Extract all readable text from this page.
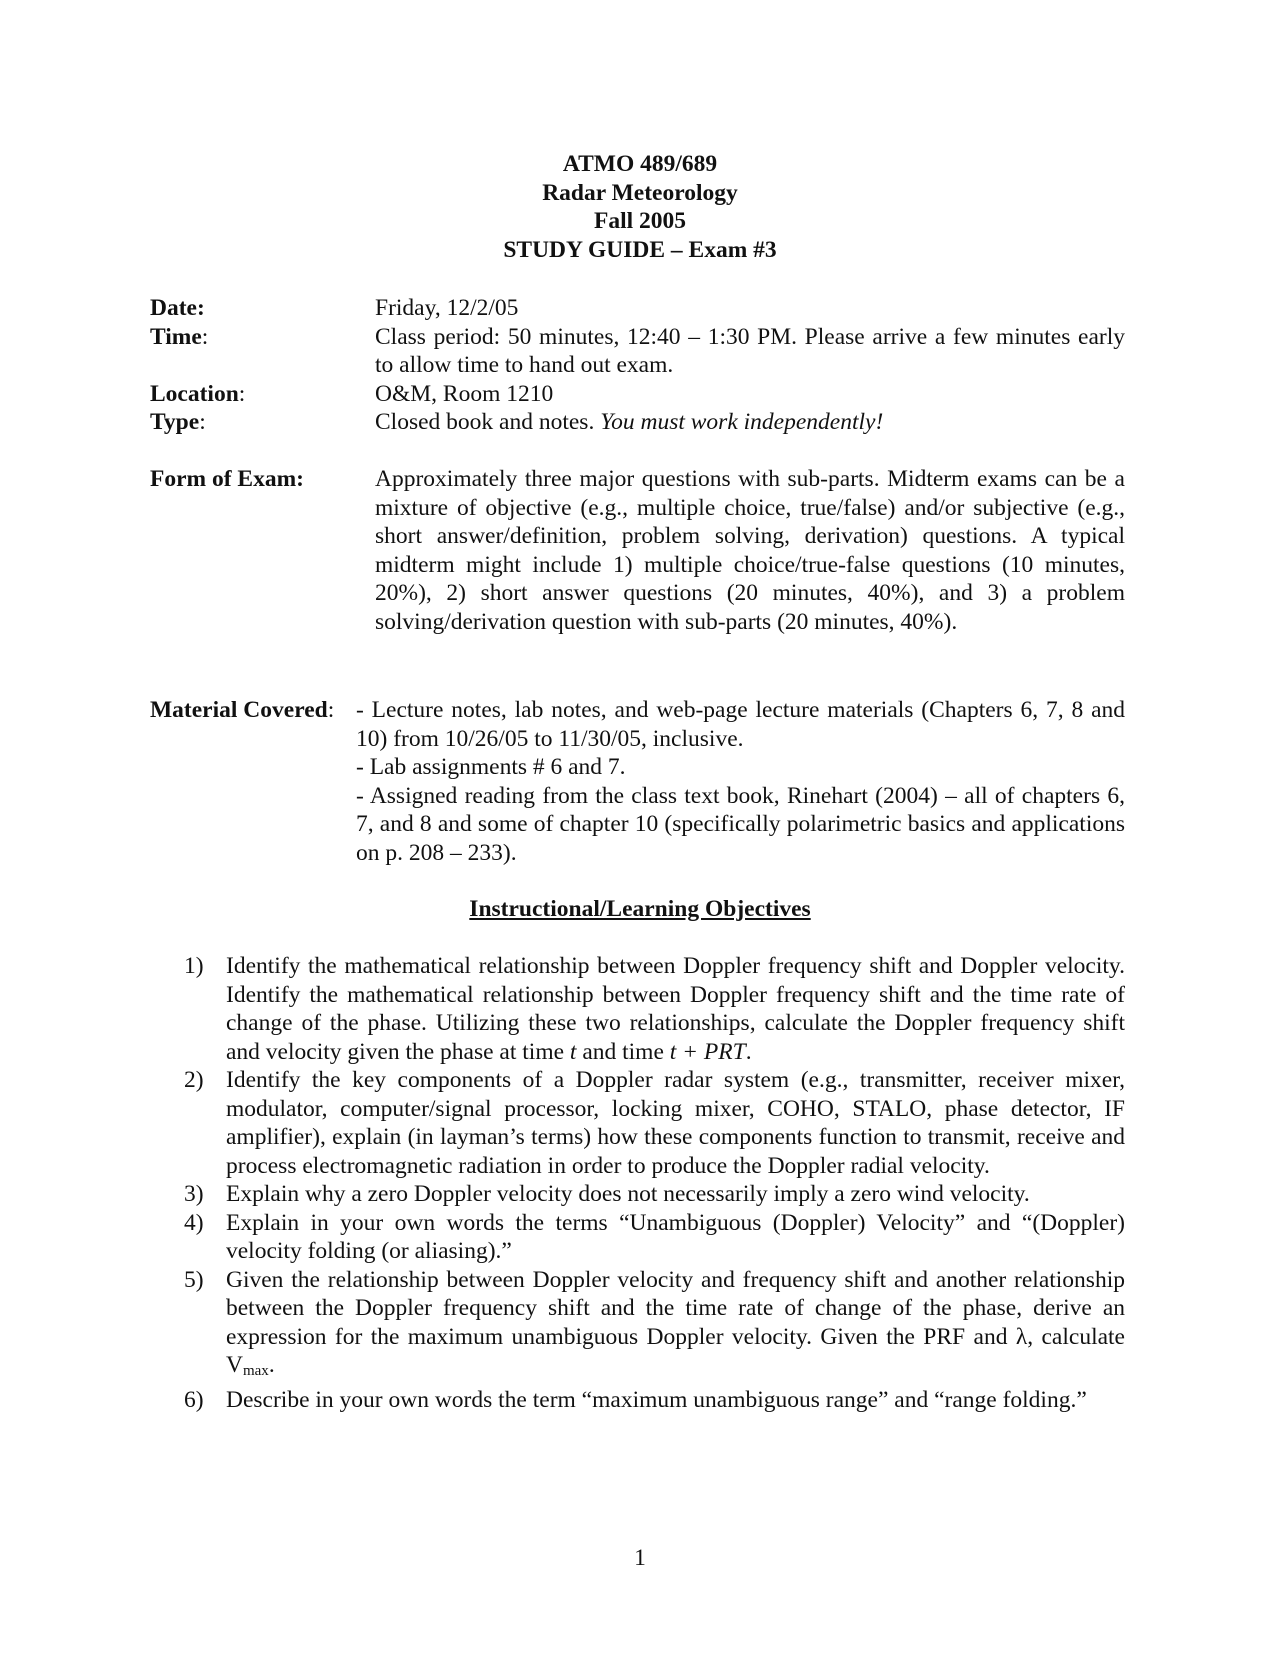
ATMO 489/689
Radar Meteorology
Fall 2005
STUDY GUIDE – Exam #3
Date:	Friday, 12/2/05
Time:	Class period: 50 minutes, 12:40 – 1:30 PM. Please arrive a few minutes early to allow time to hand out exam.
Location:	O&M, Room 1210
Type:	Closed book and notes. You must work independently!
Form of Exam:	Approximately three major questions with sub-parts. Midterm exams can be a mixture of objective (e.g., multiple choice, true/false) and/or subjective (e.g., short answer/definition, problem solving, derivation) questions. A typical midterm might include 1) multiple choice/true-false questions (10 minutes, 20%), 2) short answer questions (20 minutes, 40%), and 3) a problem solving/derivation question with sub-parts (20 minutes, 40%).
Material Covered : - Lecture notes, lab notes, and web-page lecture materials (Chapters 6, 7, 8 and 10) from 10/26/05 to 11/30/05, inclusive.
- Lab assignments # 6 and 7.
- Assigned reading from the class text book, Rinehart (2004) – all of chapters 6, 7, and 8 and some of chapter 10 (specifically polarimetric basics and applications on p. 208 – 233).
Instructional/Learning Objectives
1) Identify the mathematical relationship between Doppler frequency shift and Doppler velocity. Identify the mathematical relationship between Doppler frequency shift and the time rate of change of the phase. Utilizing these two relationships, calculate the Doppler frequency shift and velocity given the phase at time t and time t + PRT.
2) Identify the key components of a Doppler radar system (e.g., transmitter, receiver mixer, modulator, computer/signal processor, locking mixer, COHO, STALO, phase detector, IF amplifier), explain (in layman’s terms) how these components function to transmit, receive and process electromagnetic radiation in order to produce the Doppler radial velocity.
3) Explain why a zero Doppler velocity does not necessarily imply a zero wind velocity.
4) Explain in your own words the terms “Unambiguous (Doppler) Velocity” and “(Doppler) velocity folding (or aliasing).”
5) Given the relationship between Doppler velocity and frequency shift and another relationship between the Doppler frequency shift and the time rate of change of the phase, derive an expression for the maximum unambiguous Doppler velocity. Given the PRF and λ, calculate $V_{max}$.
6) Describe in your own words the term “maximum unambiguous range” and “range folding.”
1
